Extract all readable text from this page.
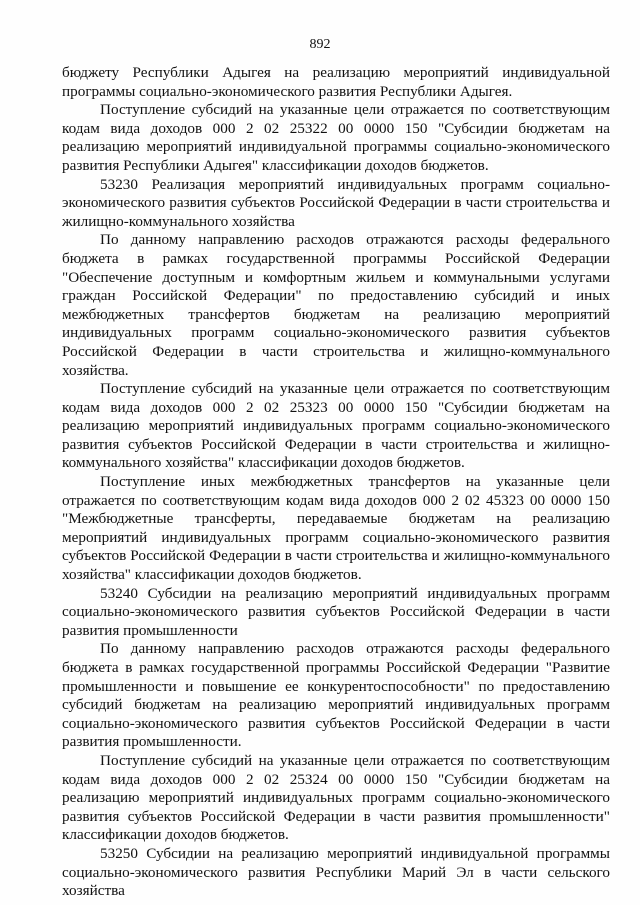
892

бюджету Республики Адыгея на реализацию мероприятий индивидуальной программы социально-экономического развития Республики Адыгея.

Поступление субсидий на указанные цели отражается по соответствующим кодам вида доходов 000 2 02 25322 00 0000 150 "Субсидии бюджетам на реализацию мероприятий индивидуальной программы социально-экономического развития Республики Адыгея" классификации доходов бюджетов.

53230 Реализация мероприятий индивидуальных программ социально-экономического развития субъектов Российской Федерации в части строительства и жилищно-коммунального хозяйства

По данному направлению расходов отражаются расходы федерального бюджета в рамках государственной программы Российской Федерации "Обеспечение доступным и комфортным жильем и коммунальными услугами граждан Российской Федерации" по предоставлению субсидий и иных межбюджетных трансфертов бюджетам на реализацию мероприятий индивидуальных программ социально-экономического развития субъектов Российской Федерации в части строительства и жилищно-коммунального хозяйства.

Поступление субсидий на указанные цели отражается по соответствующим кодам вида доходов 000 2 02 25323 00 0000 150 "Субсидии бюджетам на реализацию мероприятий индивидуальных программ социально-экономического развития субъектов Российской Федерации в части строительства и жилищно-коммунального хозяйства" классификации доходов бюджетов.

Поступление иных межбюджетных трансфертов на указанные цели отражается по соответствующим кодам вида доходов 000 2 02 45323 00 0000 150 "Межбюджетные трансферты, передаваемые бюджетам на реализацию мероприятий индивидуальных программ социально-экономического развития субъектов Российской Федерации в части строительства и жилищно-коммунального хозяйства" классификации доходов бюджетов.

53240 Субсидии на реализацию мероприятий индивидуальных программ социально-экономического развития субъектов Российской Федерации в части развития промышленности

По данному направлению расходов отражаются расходы федерального бюджета в рамках государственной программы Российской Федерации "Развитие промышленности и повышение ее конкурентоспособности" по предоставлению субсидий бюджетам на реализацию мероприятий индивидуальных программ социально-экономического развития субъектов Российской Федерации в части развития промышленности.

Поступление субсидий на указанные цели отражается по соответствующим кодам вида доходов 000 2 02 25324 00 0000 150 "Субсидии бюджетам на реализацию мероприятий индивидуальных программ социально-экономического развития субъектов Российской Федерации в части развития промышленности" классификации доходов бюджетов.

53250 Субсидии на реализацию мероприятий индивидуальной программы социально-экономического развития Республики Марий Эл в части сельского хозяйства
